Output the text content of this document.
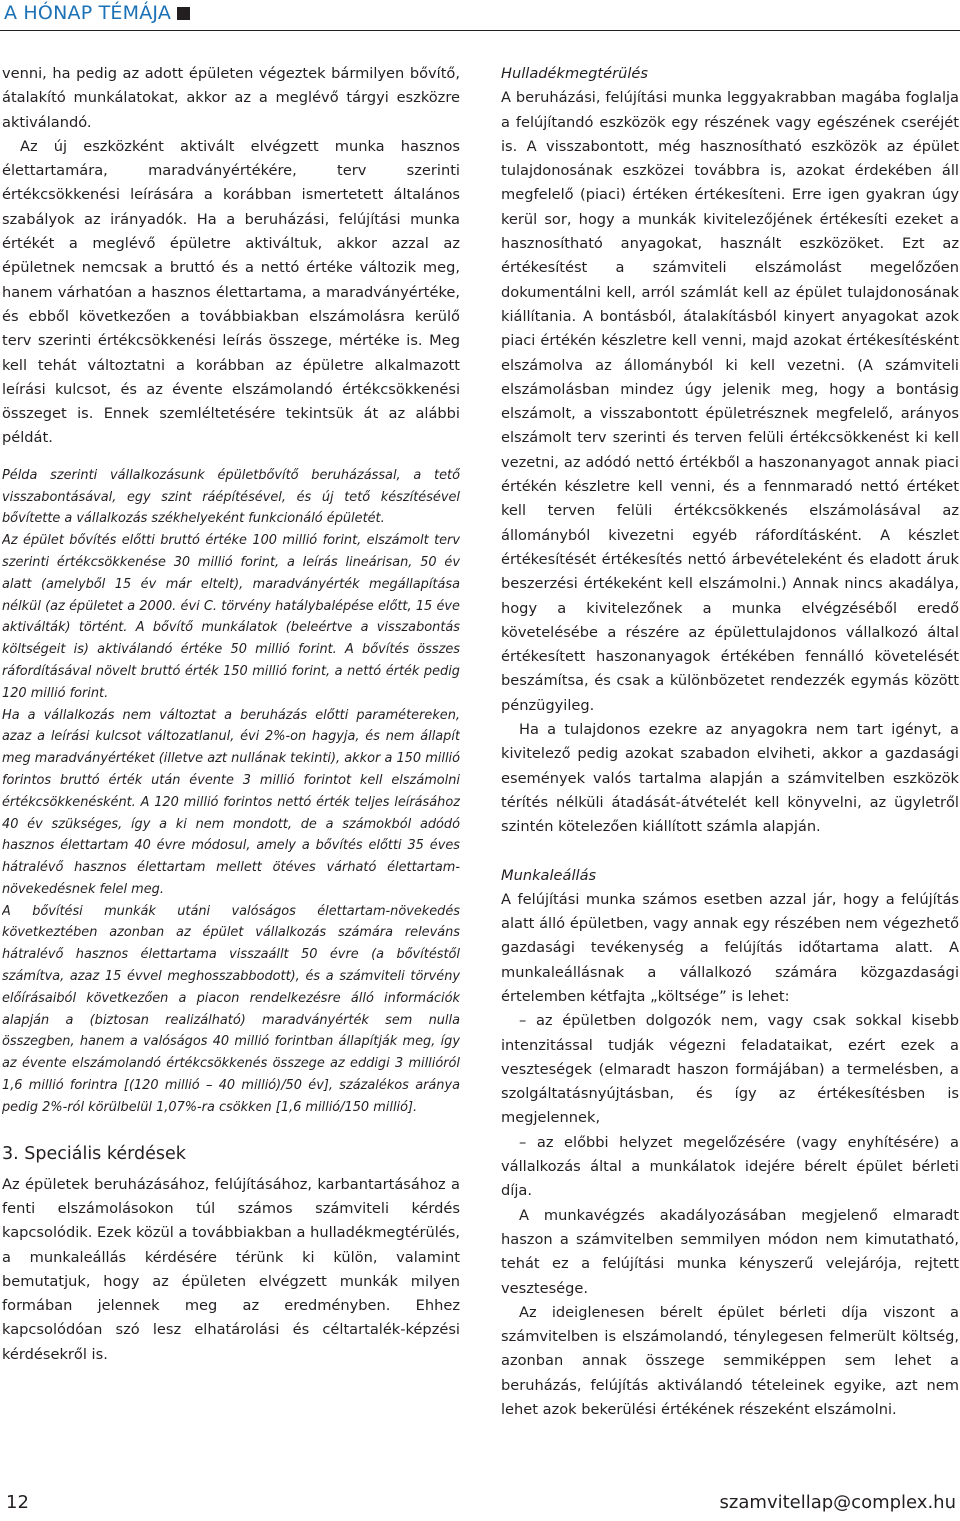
A HÓNAP TÉMÁJA

venni, ha pedig az adott épületen végeztek bármilyen bővítő, átalakító munkálatokat, akkor az a meglévő tárgyi eszközre aktiválandó.

Az új eszközként aktivált elvégzett munka hasznos élettartamára, maradványértékére, terv szerinti értékcsökkenési leírására a korábban ismertetett általános szabályok az irányadók. Ha a beruházási, felújítási munka értékét a meglévő épületre aktiváltuk, akkor azzal az épületnek nemcsak a bruttó és a nettó értéke változik meg, hanem várhatóan a hasznos élettartama, a maradványértéke, és ebből következően a továbbiakban elszámolásra kerülő terv szerinti értékcsökkenési leírás összege, mértéke is. Meg kell tehát változtatni a korábban az épületre alkalmazott leírási kulcsot, és az évente elszámolandó értékcsökkenési összeget is. Ennek szemléltetésére tekintsük át az alábbi példát.

Példa szerinti vállalkozásunk épületbővítő beruházással, a tető visszabontásával, egy szint ráépítésével, és új tető készítésével bővítette a vállalkozás székhelyeként funkcionáló épületét.

Az épület bővítés előtti bruttó értéke 100 millió forint, elszámolt terv szerinti értékcsökkenése 30 millió forint, a leírás lineárisan, 50 év alatt (amelyből 15 év már eltelt), maradványérték megállapítása nélkül (az épületet a 2000. évi C. törvény hatálybalépése előtt, 15 éve aktiválták) történt. A bővítő munkálatok (beleértve a visszabontás költségeit is) aktiválandó értéke 50 millió forint. A bővítés összes ráfordításával növelt bruttó érték 150 millió forint, a nettó érték pedig 120 millió forint.

Ha a vállalkozás nem változtat a beruházás előtti paramétereken, azaz a leírási kulcsot változatlanul, évi 2%-on hagyja, és nem állapít meg maradványértéket (illetve azt nullának tekinti), akkor a 150 millió forintos bruttó érték után évente 3 millió forintot kell elszámolni értékcsökkenésként. A 120 millió forintos nettó érték teljes leírásához 40 év szükséges, így a ki nem mondott, de a számokból adódó hasznos élettartam 40 évre módosul, amely a bővítés előtti 35 éves hátralévő hasznos élettartam mellett ötéves várható élettartam-növekedésnek felel meg.

A bővítési munkák utáni valóságos élettartam-növekedés következtében azonban az épület vállalkozás számára releváns hátralévő hasznos élettartama visszaállt 50 évre (a bővítéstől számítva, azaz 15 évvel meghosszabbodott), és a számviteli törvény előírásaiból következően a piacon rendelkezésre álló információk alapján a (biztosan realizálható) maradványérték sem nulla összegben, hanem a valóságos 40 millió forintban állapítják meg, így az évente elszámolandó értékcsökkenés összege az eddigi 3 millióról 1,6 millió forintra [(120 millió – 40 millió)/50 év], százalékos aránya pedig 2%-ról körülbelül 1,07%-ra csökken [1,6 millió/150 millió].

3. Speciális kérdések

Az épületek beruházásához, felújításához, karbantartásához a fenti elszámolásokon túl számos számviteli kérdés kapcsolódik. Ezek közül a továbbiakban a hulladékmegtérülés, a munkaleállás kérdésére térünk ki külön, valamint bemutatjuk, hogy az épületen elvégzett munkák milyen formában jelennek meg az eredményben. Ehhez kapcsolódóan szó lesz elhatárolási és céltartalék-képzési kérdésekről is.

Hulladékmegtérülés

A beruházási, felújítási munka leggyakrabban magába foglalja a felújítandó eszközök egy részének vagy egészének cseréjét is. A visszabontott, még hasznosítható eszközök az épület tulajdonosának eszközei továbbra is, azokat érdekében áll megfelelő (piaci) értéken értékesíteni. Erre igen gyakran úgy kerül sor, hogy a munkák kivitelezőjének értékesíti ezeket a hasznosítható anyagokat, használt eszközöket. Ezt az értékesítést a számviteli elszámolást megelőzően dokumentálni kell, arról számlát kell az épület tulajdonosának kiállítania. A bontásból, átalakításból kinyert anyagokat azok piaci értékén készletre kell venni, majd azokat értékesítésként elszámolva az állományból ki kell vezetni. (A számviteli elszámolásban mindez úgy jelenik meg, hogy a bontásig elszámolt, a visszabontott épületrésznek megfelelő, arányos elszámolt terv szerinti és terven felüli értékcsökkenést ki kell vezetni, az adódó nettó értékből a haszonanyagot annak piaci értékén készletre kell venni, és a fennmaradó nettó értéket kell terven felüli értékcsökkenés elszámolásával az állományból kivezetni egyéb ráfordításként. A készlet értékesítését értékesítés nettó árbevételeként és eladott áruk beszerzési értékeként kell elszámolni.) Annak nincs akadálya, hogy a kivitelezőnek a munka elvégzéséből eredő követelésébe a részére az épülettulajdonos vállalkozó által értékesített haszonanyagok értékében fennálló követelését beszámítsa, és csak a különbözetet rendezzék egymás között pénzügyileg.

Ha a tulajdonos ezekre az anyagokra nem tart igényt, a kivitelező pedig azokat szabadon elviheti, akkor a gazdasági események valós tartalma alapján a számvitelben eszközök térítés nélküli átadását-átvételét kell könyvelni, az ügyletről szintén kötelezően kiállított számla alapján.

Munkaleállás

A felújítási munka számos esetben azzal jár, hogy a felújítás alatt álló épületben, vagy annak egy részében nem végezhető gazdasági tevékenység a felújítás időtartama alatt. A munkaleállásnak a vállalkozó számára közgazdasági értelemben kétfajta „költsége” is lehet:

– az épületben dolgozók nem, vagy csak sokkal kisebb intenzitással tudják végezni feladataikat, ezért ezek a veszteségek (elmaradt haszon formájában) a termelésben, a szolgáltatásnyújtásban, és így az értékesítésben is megjelennek,

– az előbbi helyzet megelőzésére (vagy enyhítésére) a vállalkozás által a munkálatok idejére bérelt épület bérleti díja.

A munkavégzés akadályozásában megjelenő elmaradt haszon a számvitelben semmilyen módon nem kimutatható, tehát ez a felújítási munka kényszerű velejárója, rejtett vesztesége.

Az ideiglenesen bérelt épület bérleti díja viszont a számvitelben is elszámolandó, ténylegesen felmerült költség, azonban annak összege semmiképpen sem lehet a beruházás, felújítás aktiválandó tételeinek egyike, azt nem lehet azok bekerülési értékének részeként elszámolni.

12	szamvitellap@complex.hu
